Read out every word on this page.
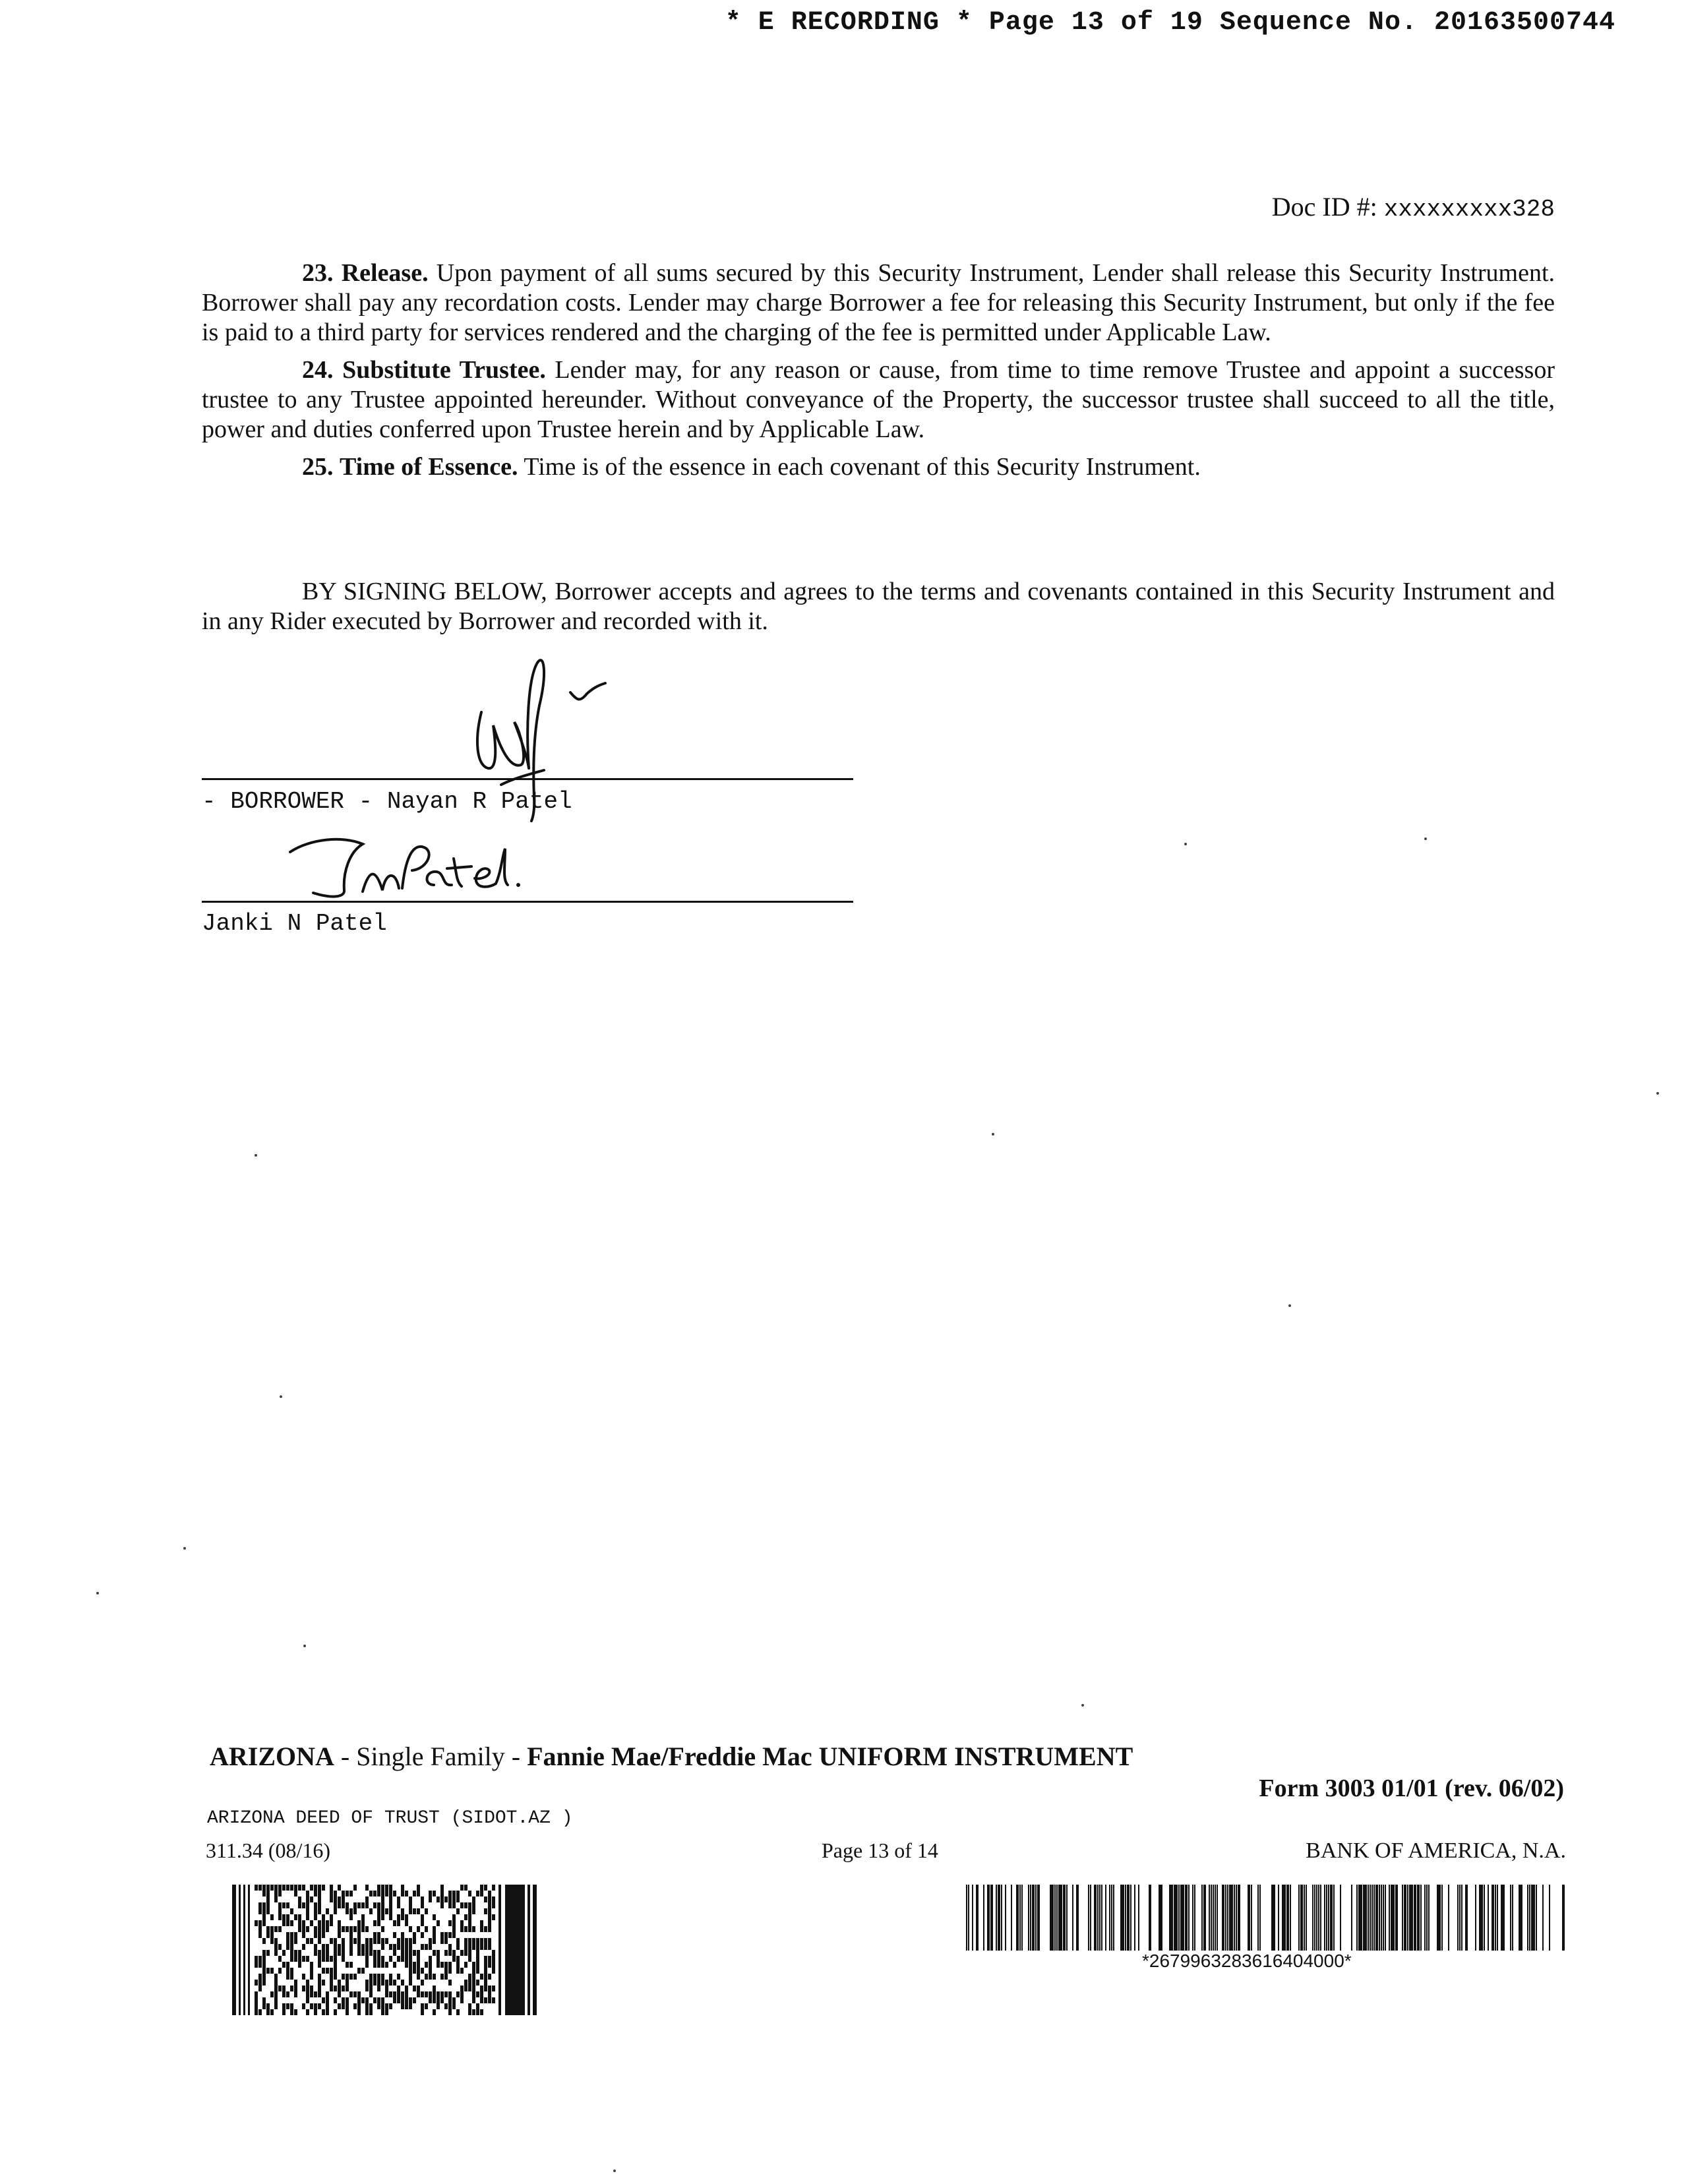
* E RECORDING * Page 13 of 19 Sequence No. 20163500744
Doc ID #: xxxxxxxxx328

23. Release. Upon payment of all sums secured by this Security Instrument, Lender shall release this Security Instrument. Borrower shall pay any recordation costs. Lender may charge Borrower a fee for releasing this Security Instrument, but only if the fee is paid to a third party for services rendered and the charging of the fee is permitted under Applicable Law.

24. Substitute Trustee. Lender may, for any reason or cause, from time to time remove Trustee and appoint a successor trustee to any Trustee appointed hereunder. Without conveyance of the Property, the successor trustee shall succeed to all the title, power and duties conferred upon Trustee herein and by Applicable Law.

25. Time of Essence. Time is of the essence in each covenant of this Security Instrument.

BY SIGNING BELOW, Borrower accepts and agrees to the terms and covenants contained in this Security Instrument and in any Rider executed by Borrower and recorded with it.

- BORROWER - Nayan R Patel
Janki N Patel
ARIZONA - Single Family - Fannie Mae/Freddie Mac UNIFORM INSTRUMENT
Form 3003 01/01 (rev. 06/02)
ARIZONA DEED OF TRUST (SIDOT.AZ )
311.34 (08/16)	Page 13 of 14	BANK OF AMERICA, N.A.
*2679963283616404000*
